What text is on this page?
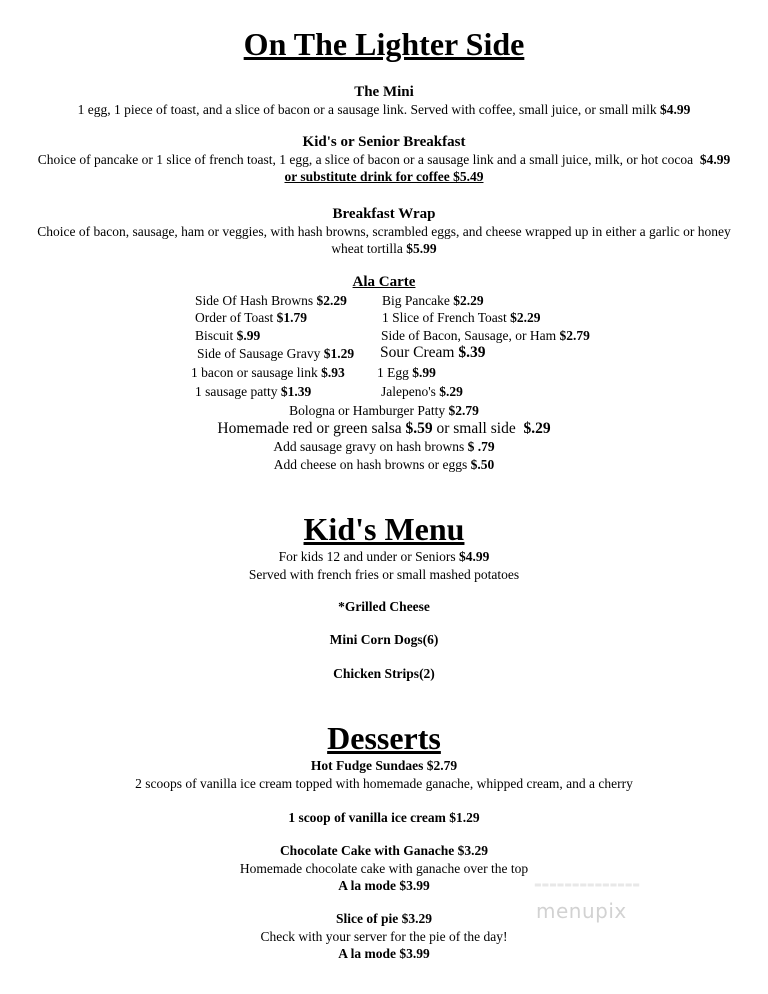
On The Lighter Side
The Mini
1 egg, 1 piece of toast, and a slice of bacon or a sausage link. Served with coffee, small juice, or small milk $4.99
Kid's or Senior Breakfast
Choice of pancake or 1 slice of french toast, 1 egg, a slice of bacon or a sausage link and a small juice, milk, or hot cocoa $4.99
or substitute drink for coffee $5.49
Breakfast Wrap
Choice of bacon, sausage, ham or veggies, with hash browns, scrambled eggs, and cheese wrapped up in either a garlic or honey
wheat tortilla $5.99
Ala Carte
Side Of Hash Browns $2.29	Big Pancake $2.29
Order of Toast $1.79	1 Slice of French Toast $2.29
Biscuit $.99	Side of Bacon, Sausage, or Ham $2.79
Side of Sausage Gravy $1.29 Sour Cream $.39
1 bacon or sausage link $.93 1 Egg $.99
1 sausage patty $1.39	Jalepeno's $.29
Bologna or Hamburger Patty $2.79
Homemade red or green salsa $.59 or small side $.29
Add sausage gravy on hash browns $ .79
Add cheese on hash browns or eggs $.50
Kid's Menu
For kids 12 and under or Seniors $4.99
Served with french fries or small mashed potatoes
*Grilled Cheese
Mini Corn Dogs(6)
Chicken Strips(2)
Desserts
Hot Fudge Sundaes $2.79
2 scoops of vanilla ice cream topped with homemade ganache, whipped cream, and a cherry
1 scoop of vanilla ice cream $1.29
Chocolate Cake with Ganache $3.29
Homemade chocolate cake with ganache over the top
A la mode $3.99
Slice of pie $3.29
Check with your server for the pie of the day!
A la mode $3.99
▬▬▬▬▬▬▬▬▬▬▬▬▬▬
menupix
